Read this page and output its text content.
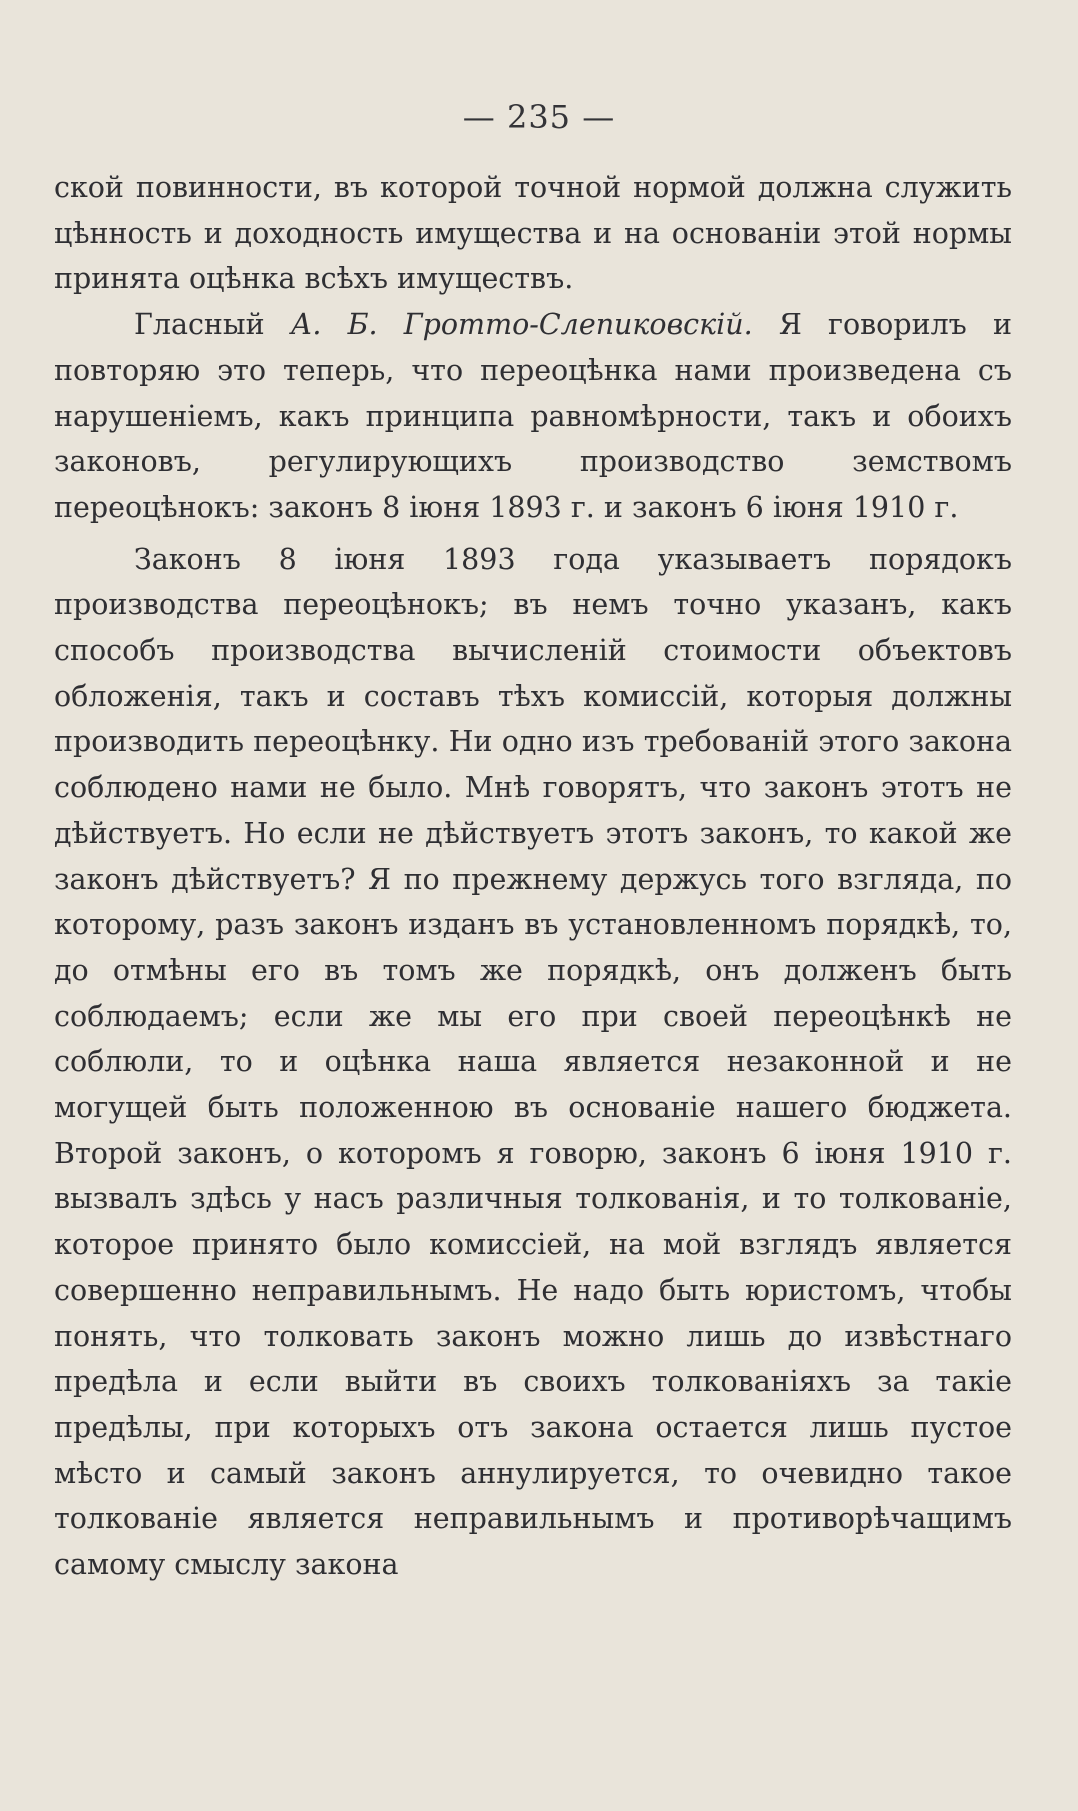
— 235 —

ской повинности, въ которой точной нормой должна служить цѣнность и доходность имущества и на основаніи этой нормы принята оцѣнка всѣхъ имуществъ.

Гласный А. Б. Гротто-Слепиковскій. Я говорилъ и повторяю это теперь, что переоцѣнка нами произведена съ нарушеніемъ, какъ принципа равномѣрности, такъ и обоихъ законовъ, регулирующихъ производство земствомъ переоцѣнокъ: законъ 8 іюня 1893 г. и законъ 6 іюня 1910 г.

Законъ 8 іюня 1893 года указываетъ порядокъ производства переоцѣнокъ; въ немъ точно указанъ, какъ способъ производства вычисленій стоимости объектовъ обложенія, такъ и составъ тѣхъ комиссій, которыя должны производить переоцѣнку. Ни одно изъ требованій этого закона соблюдено нами не было. Мнѣ говорятъ, что законъ этотъ не дѣйствуетъ. Но если не дѣйствуетъ этотъ законъ, то какой же законъ дѣйствуетъ? Я по прежнему держусь того взгляда, по которому, разъ законъ изданъ въ установленномъ порядкѣ, то, до отмѣны его въ томъ же порядкѣ, онъ долженъ быть соблюдаемъ; если же мы его при своей переоцѣнкѣ не соблюли, то и оцѣнка наша является незаконной и не могущей быть положенною въ основаніе нашего бюджета. Второй законъ, о которомъ я говорю, законъ 6 іюня 1910 г. вызвалъ здѣсь у насъ различныя толкованія, и то толкованіе, которое принято было комиссіей, на мой взглядъ является совершенно неправильнымъ. Не надо быть юристомъ, чтобы понять, что толковать законъ можно лишь до извѣстнаго предѣла и если выйти въ своихъ толкованіяхъ за такіе предѣлы, при которыхъ отъ закона остается лишь пустое мѣсто и самый законъ аннулируется, то очевидно такое толкованіе является неправильнымъ и противорѣчащимъ самому смыслу закона
